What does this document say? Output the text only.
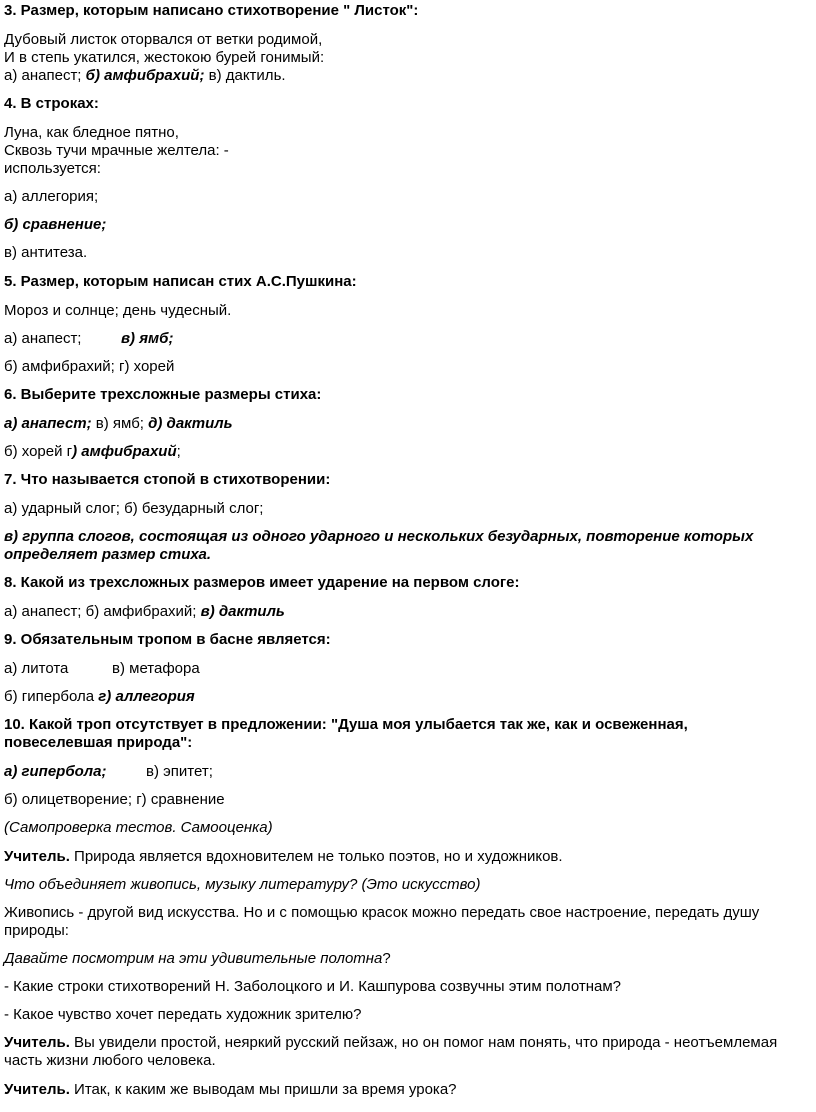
3. Размер, которым написано стихотворение " Листок":
Дубовый листок оторвался от ветки родимой,
И в степь укатился, жестокою бурей гонимый:
а) анапест; б) амфибрахий; в) дактиль.
4. В строках:
Луна, как бледное пятно,
Сквозь тучи мрачные желтела: -
используется:
а) аллегория;
б) сравнение;
в) антитеза.
5. Размер, которым написан стих А.С.Пушкина:
Мороз и солнце; день чудесный.
а) анапест;	в) ямб;
б) амфибрахий; г) хорей
6. Выберите трехсложные размеры стиха:
а) анапест; в) ямб; д) дактиль
б) хорей г) амфибрахий;
7. Что называется стопой в стихотворении:
а) ударный слог; б) безударный слог;
в) группа слогов, состоящая из одного ударного и нескольких безударных, повторение которых
определяет размер стиха.
8. Какой из трехсложных размеров имеет ударение на первом слоге:
а) анапест; б) амфибрахий; в) дактиль
9. Обязательным тропом в басне является:
а) литота	в) метафора
б) гипербола г) аллегория
10. Какой троп отсутствует в предложении: "Душа моя улыбается так же, как и освеженная,
повеселевшая природа":
а) гипербола;	в) эпитет;
б) олицетворение; г) сравнение
(Самопроверка тестов. Самооценка)
Учитель. Природа является вдохновителем не только поэтов, но и художников.
Что объединяет живопись, музыку литературу? (Это искусство)
Живопись - другой вид искусства. Но и с помощью красок можно передать свое настроение, передать душу
природы:
Давайте посмотрим на эти удивительные полотна?
- Какие строки стихотворений Н. Заболоцкого и И. Кашпурова созвучны этим полотнам?
- Какое чувство хочет передать художник зрителю?
Учитель. Вы увидели простой, неяркий русский пейзаж, но он помог нам понять, что природа - неотъемлемая
часть жизни любого человека.
Учитель. Итак, к каким же выводам мы пришли за время урока?
